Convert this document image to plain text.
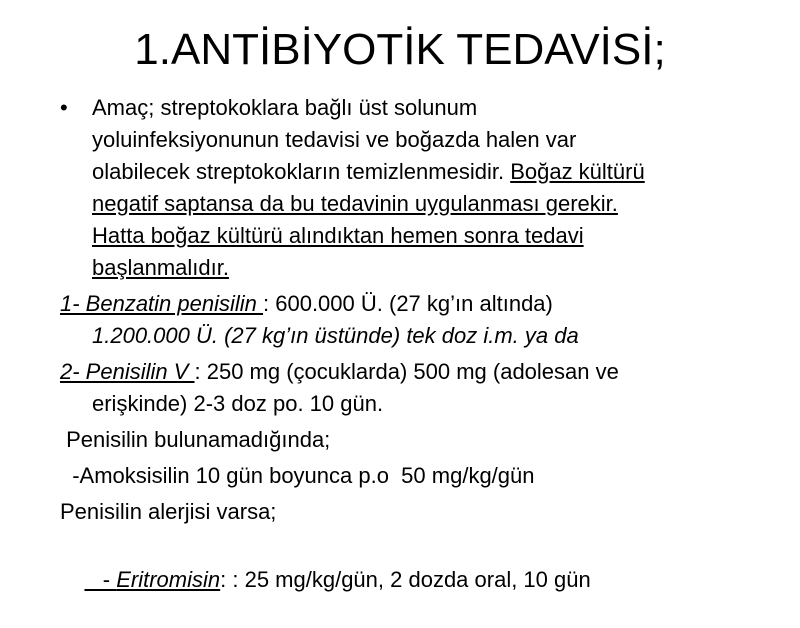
1.ANTİBİYOTİK TEDAVİSİ;
• Amaç; streptokoklara bağlı üst solunum
yoluinfeksiyonunun tedavisi ve boğazda halen var
olabilecek streptokokların temizlenmesidir. Boğaz kültürü
negatif saptansa da bu tedavinin uygulanması gerekir.
Hatta boğaz kültürü alındıktan hemen sonra tedavi
başlanmalıdır.
1- Benzatin penisilin : 600.000 Ü. (27 kg’ın altında)
1.200.000 Ü. (27 kg’ın üstünde) tek doz i.m. ya da
2- Penisilin V : 250 mg (çocuklarda) 500 mg (adolesan ve
erişkinde) 2-3 doz po. 10 gün.
Penisilin bulunamadığında;
-Amoksisilin 10 gün boyunca p.o  50 mg/kg/gün
Penisilin alerjisi varsa;

- Eritromisin: : 25 mg/kg/gün, 2 dozda oral, 10 gün
